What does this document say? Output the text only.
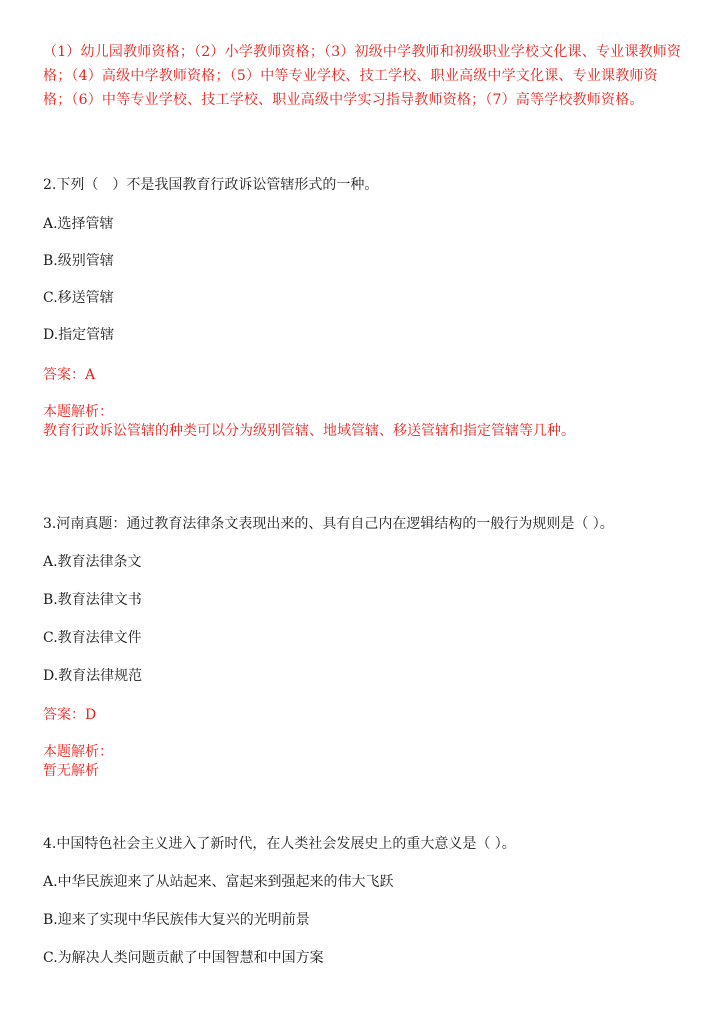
（1）幼儿园教师资格；（2）小学教师资格；（3）初级中学教师和初级职业学校文化课、专业课教师资格；（4）高级中学教师资格；（5）中等专业学校、技工学校、职业高级中学文化课、专业课教师资格；（6）中等专业学校、技工学校、职业高级中学实习指导教师资格；（7）高等学校教师资格。
2.下列（　）不是我国教育行政诉讼管辖形式的一种。
A.选择管辖
B.级别管辖
C.移送管辖
D.指定管辖
答案：A
本题解析：
教育行政诉讼管辖的种类可以分为级别管辖、地域管辖、移送管辖和指定管辖等几种。
3.河南真题：通过教育法律条文表现出来的、具有自己内在逻辑结构的一般行为规则是（ ）。
A.教育法律条文
B.教育法律文书
C.教育法律文件
D.教育法律规范
答案：D
本题解析：
暂无解析
4.中国特色社会主义进入了新时代，在人类社会发展史上的重大意义是（ ）。
A.中华民族迎来了从站起来、富起来到强起来的伟大飞跃
B.迎来了实现中华民族伟大复兴的光明前景
C.为解决人类问题贡献了中国智慧和中国方案
